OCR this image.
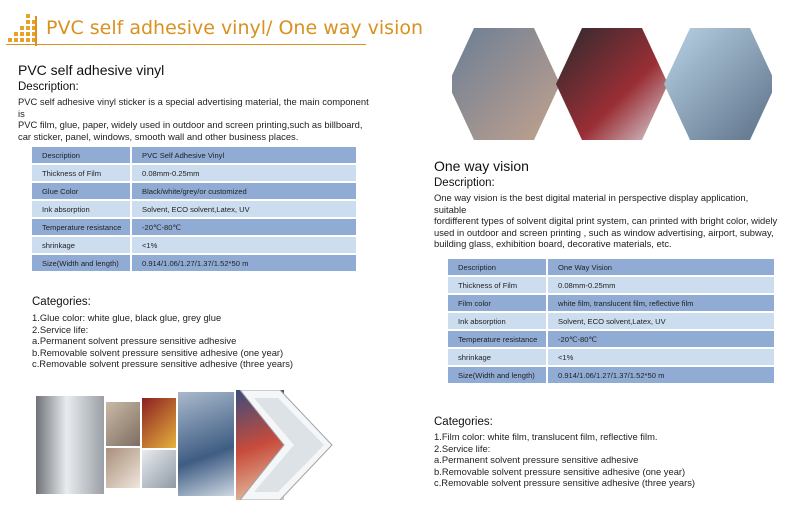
PVC self adhesive vinyl/ One way vision
PVC self adhesive vinyl
Description:
PVC self adhesive vinyl sticker is a special advertising material, the main component is
PVC film, glue, paper, widely used in outdoor and screen printing,such as billboard,
car sticker, panel, windows, smooth wall and other business places.
Description	PVC Self Adhesive Vinyl
Thickness of Film	0.08mm-0.25mm
Glue Color	Black/white/grey/or customized
Ink absorption	Solvent, ECO solvent,Latex, UV
Temperature resistance	-20℃-80℃
shrinkage	<1%
Size(Width and length)	0.914/1.06/1.27/1.37/1.52*50 m
Categories:
1.Glue color: white glue, black glue, grey glue
2.Service life:
a.Permanent solvent pressure sensitive adhesive
b.Removable solvent pressure sensitive adhesive (one year)
c.Removable solvent pressure sensitive adhesive (three years)
One way vision
Description:
One way vision is the best digital material in perspective display application, suitable
fordifferent types of solvent digital print system, can printed with bright color, widely
used in outdoor and screen printing , such as window advertising, airport, subway,
building glass, exhibition board, decorative materials, etc.
Description	One Way Vision
Thickness of Film	0.08mm-0.25mm
Film color	white film, translucent film, reflective film
Ink absorption	Solvent, ECO solvent,Latex, UV
Temperature resistance	-20℃-80℃
shrinkage	<1%
Size(Width and length)	0.914/1.06/1.27/1.37/1.52*50 m
Categories:
1.Film color: white film, translucent film, reflective film.
2.Service life:
a.Permanent solvent pressure sensitive adhesive
b.Removable solvent pressure sensitive adhesive (one year)
c.Removable solvent pressure sensitive adhesive (three years)
